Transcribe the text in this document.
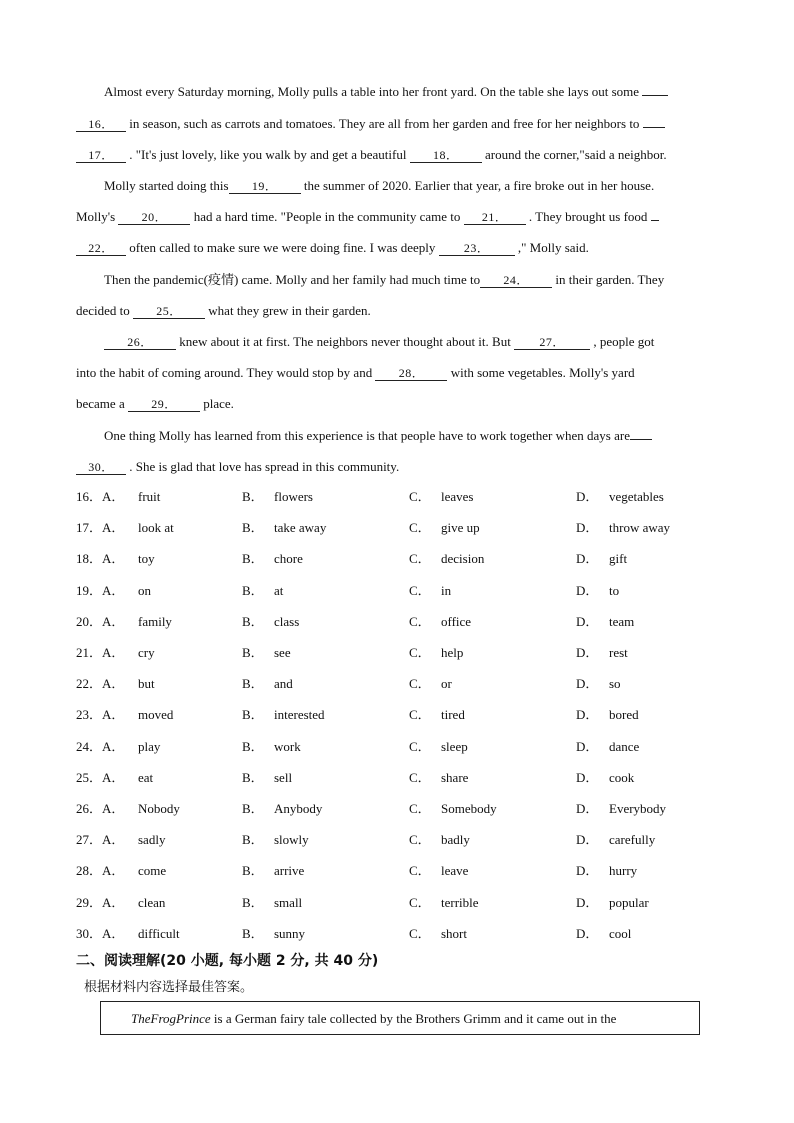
Almost every Saturday morning, Molly pulls a table into her front yard. On the table she lays out some
16． in season, such as carrots and tomatoes. They are all from her garden and free for her neighbors to
17． . "It's just lovely, like you walk by and get a beautiful 18． around the corner,"said a neighbor.
Molly started doing this 19． the summer of 2020. Earlier that year, a fire broke out in her house.
Molly's 20． had a hard time. "People in the community came to 21． . They brought us food
22． often called to make sure we were doing fine. I was deeply 23． ," Molly said.
Then the pandemic(疫情) came. Molly and her family had much time to 24． in their garden. They
decided to 25． what they grew in their garden.
26． knew about it at first. The neighbors never thought about it. But 27． , people got
into the habit of coming around. They would stop by and 28． with some vegetables. Molly's yard
became a 29． place.
One thing Molly has learned from this experience is that people have to work together when days are
30． . She is glad that love has spread in this community.
16．A．	fruit	B． flowers	C． leaves	D． vegetables
17．A．	look at	B． take away	C． give up	D． throw away
18．A．	toy	B． chore	C． decision	D． gift
19．A．	on	B． at	C． in	D． to
20．A．	family	B． class	C． office	D． team
21．A．	cry	B． see	C． help	D． rest
22．A．	but	B． and	C． or	D． so
23．A．	moved	B． interested	C． tired	D． bored
24．A．	play	B． work	C． sleep	D． dance
25．A．	eat	B． sell	C． share	D． cook
26．A．	Nobody	B． Anybody	C． Somebody	D． Everybody
27．A．	sadly	B． slowly	C． badly	D． carefully
28．A．	come	B． arrive	C． leave	D． hurry
29．A．	clean	B． small	C． terrible	D． popular
30．A．	difficult	B． sunny	C． short	D． cool
二、阅读理解(20 小题, 每小题 2 分, 共 40 分)
根据材料内容选择最佳答案。
TheFrogPrince is a German fairy tale collected by the Brothers Grimm and it came out in the
